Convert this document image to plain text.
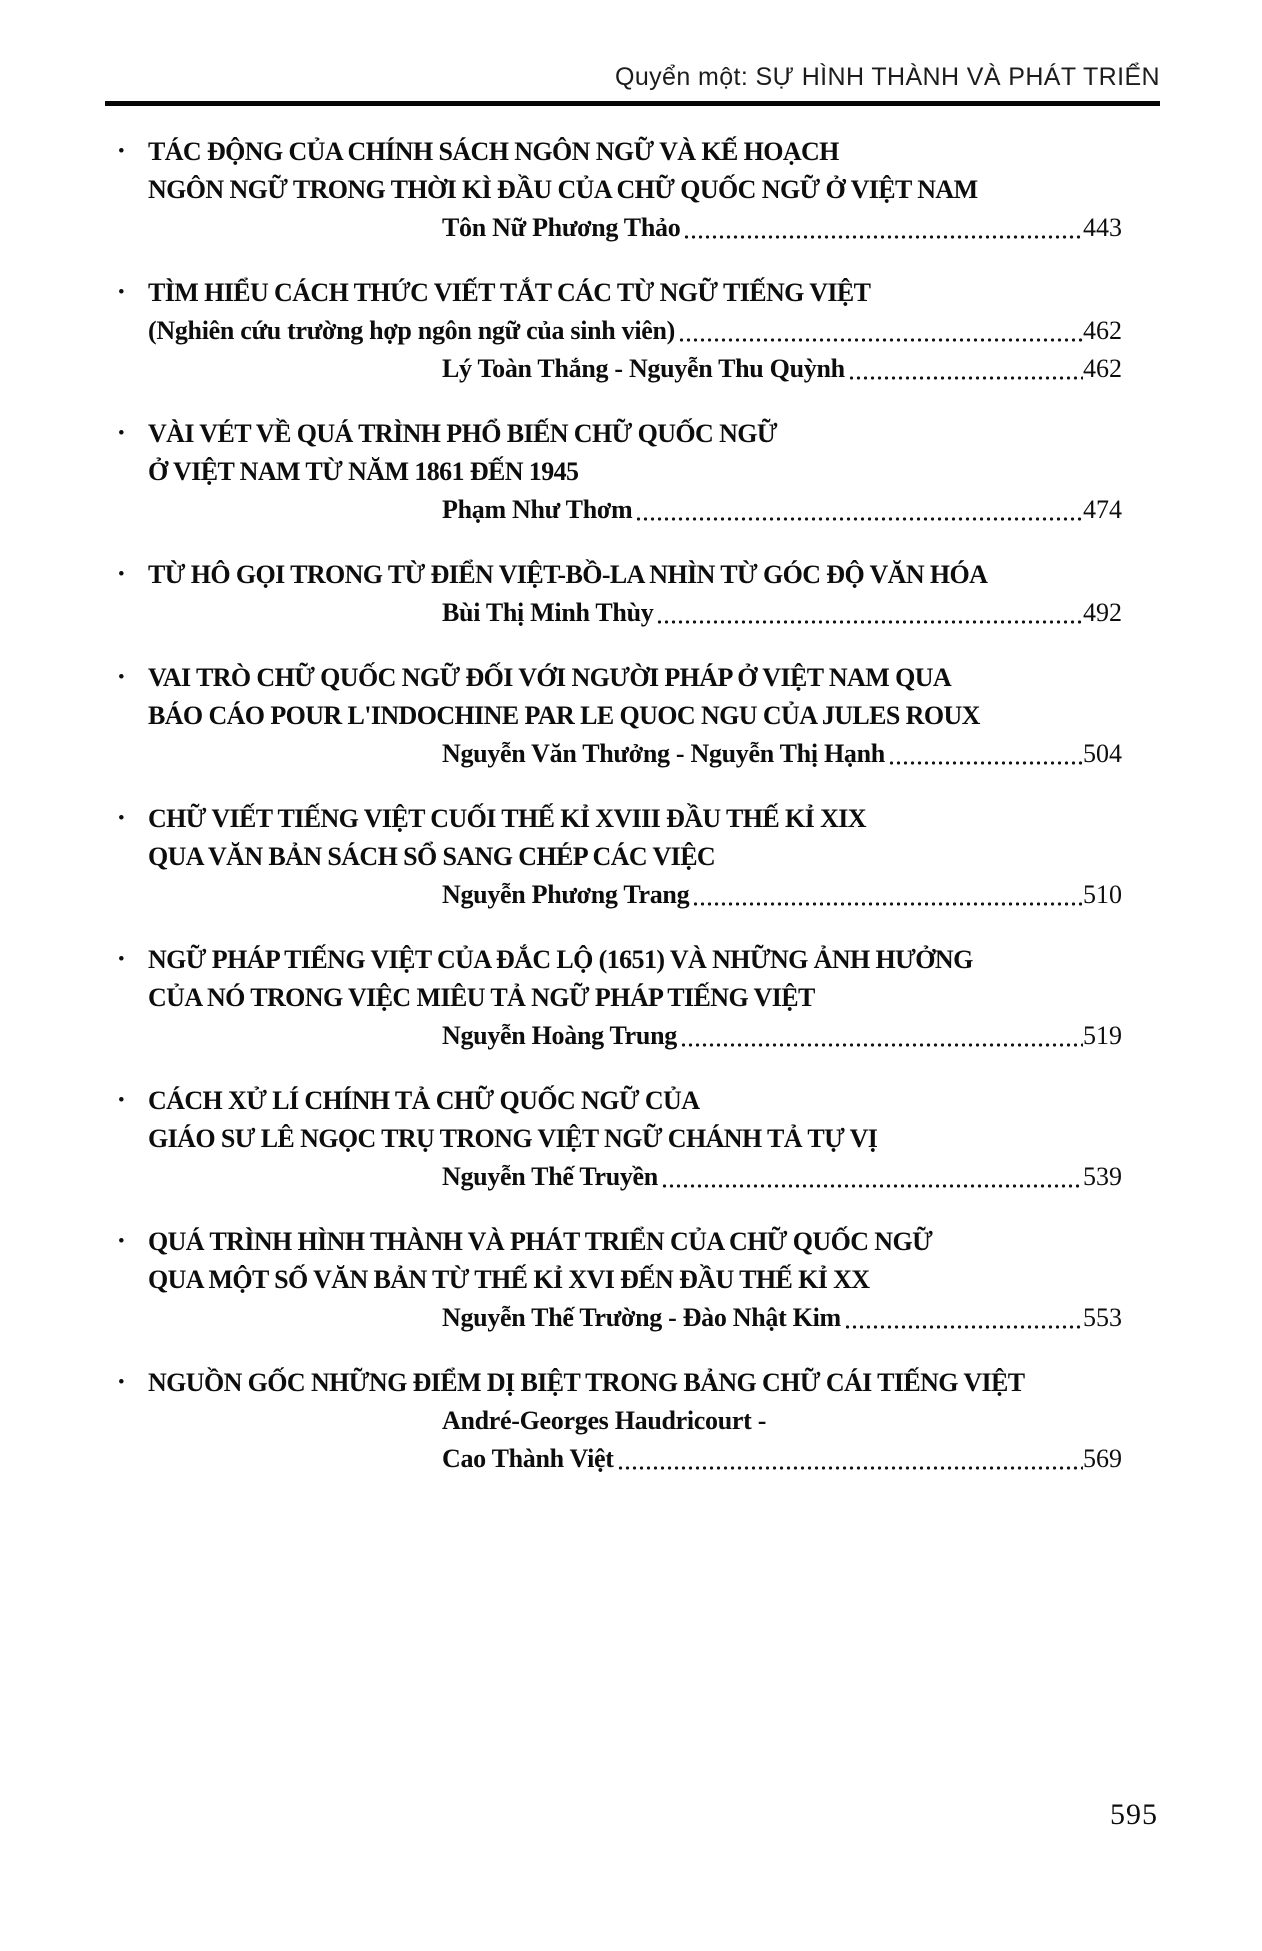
Quyển một: SỰ HÌNH THÀNH VÀ PHÁT TRIỂN
• TÁC ĐỘNG CỦA CHÍNH SÁCH NGÔN NGỮ VÀ KẾ HOẠCH
NGÔN NGỮ TRONG THỜI KÌ ĐẦU CỦA CHỮ QUỐC NGỮ Ở VIỆT NAM
Tôn Nữ Phương Thảo	443
• TÌM HIỂU CÁCH THỨC VIẾT TẮT CÁC TỪ NGỮ TIẾNG VIỆT
(Nghiên cứu trường hợp ngôn ngữ của sinh viên)	462
Lý Toàn Thắng - Nguyễn Thu Quỳnh	462
• VÀI VÉT VỀ QUÁ TRÌNH PHỔ BIẾN CHỮ QUỐC NGỮ
Ở VIỆT NAM TỪ NĂM 1861 ĐẾN 1945
Phạm Như Thơm	474
• TỪ HÔ GỌI TRONG TỪ ĐIỂN VIỆT-BỒ-LA NHÌN TỪ GÓC ĐỘ VĂN HÓA
Bùi Thị Minh Thùy	492
• VAI TRÒ CHỮ QUỐC NGỮ ĐỐI VỚI NGƯỜI PHÁP Ở VIỆT NAM QUA
BÁO CÁO POUR L'INDOCHINE PAR LE QUOC NGU CỦA JULES ROUX
Nguyễn Văn Thưởng - Nguyễn Thị Hạnh	504
• CHỮ VIẾT TIẾNG VIỆT CUỐI THẾ KỈ XVIII ĐẦU THẾ KỈ XIX
QUA VĂN BẢN SÁCH SỔ SANG CHÉP CÁC VIỆC
Nguyễn Phương Trang	510
• NGỮ PHÁP TIẾNG VIỆT CỦA ĐẮC LỘ (1651) VÀ NHỮNG ẢNH HƯỞNG
CỦA NÓ TRONG VIỆC MIÊU TẢ NGỮ PHÁP TIẾNG VIỆT
Nguyễn Hoàng Trung	519
• CÁCH XỬ LÍ CHÍNH TẢ CHỮ QUỐC NGỮ CỦA
GIÁO SƯ LÊ NGỌC TRỤ TRONG VIỆT NGỮ CHÁNH TẢ TỰ VỊ
Nguyễn Thế Truyền	539
• QUÁ TRÌNH HÌNH THÀNH VÀ PHÁT TRIỂN CỦA CHỮ QUỐC NGỮ
QUA MỘT SỐ VĂN BẢN TỪ THẾ KỈ XVI ĐẾN ĐẦU THẾ KỈ XX
Nguyễn Thế Trường - Đào Nhật Kim	553
• NGUỒN GỐC NHỮNG ĐIỂM DỊ BIỆT TRONG BẢNG CHỮ CÁI TIẾNG VIỆT
André-Georges Haudricourt -
Cao Thành Việt	569
595
